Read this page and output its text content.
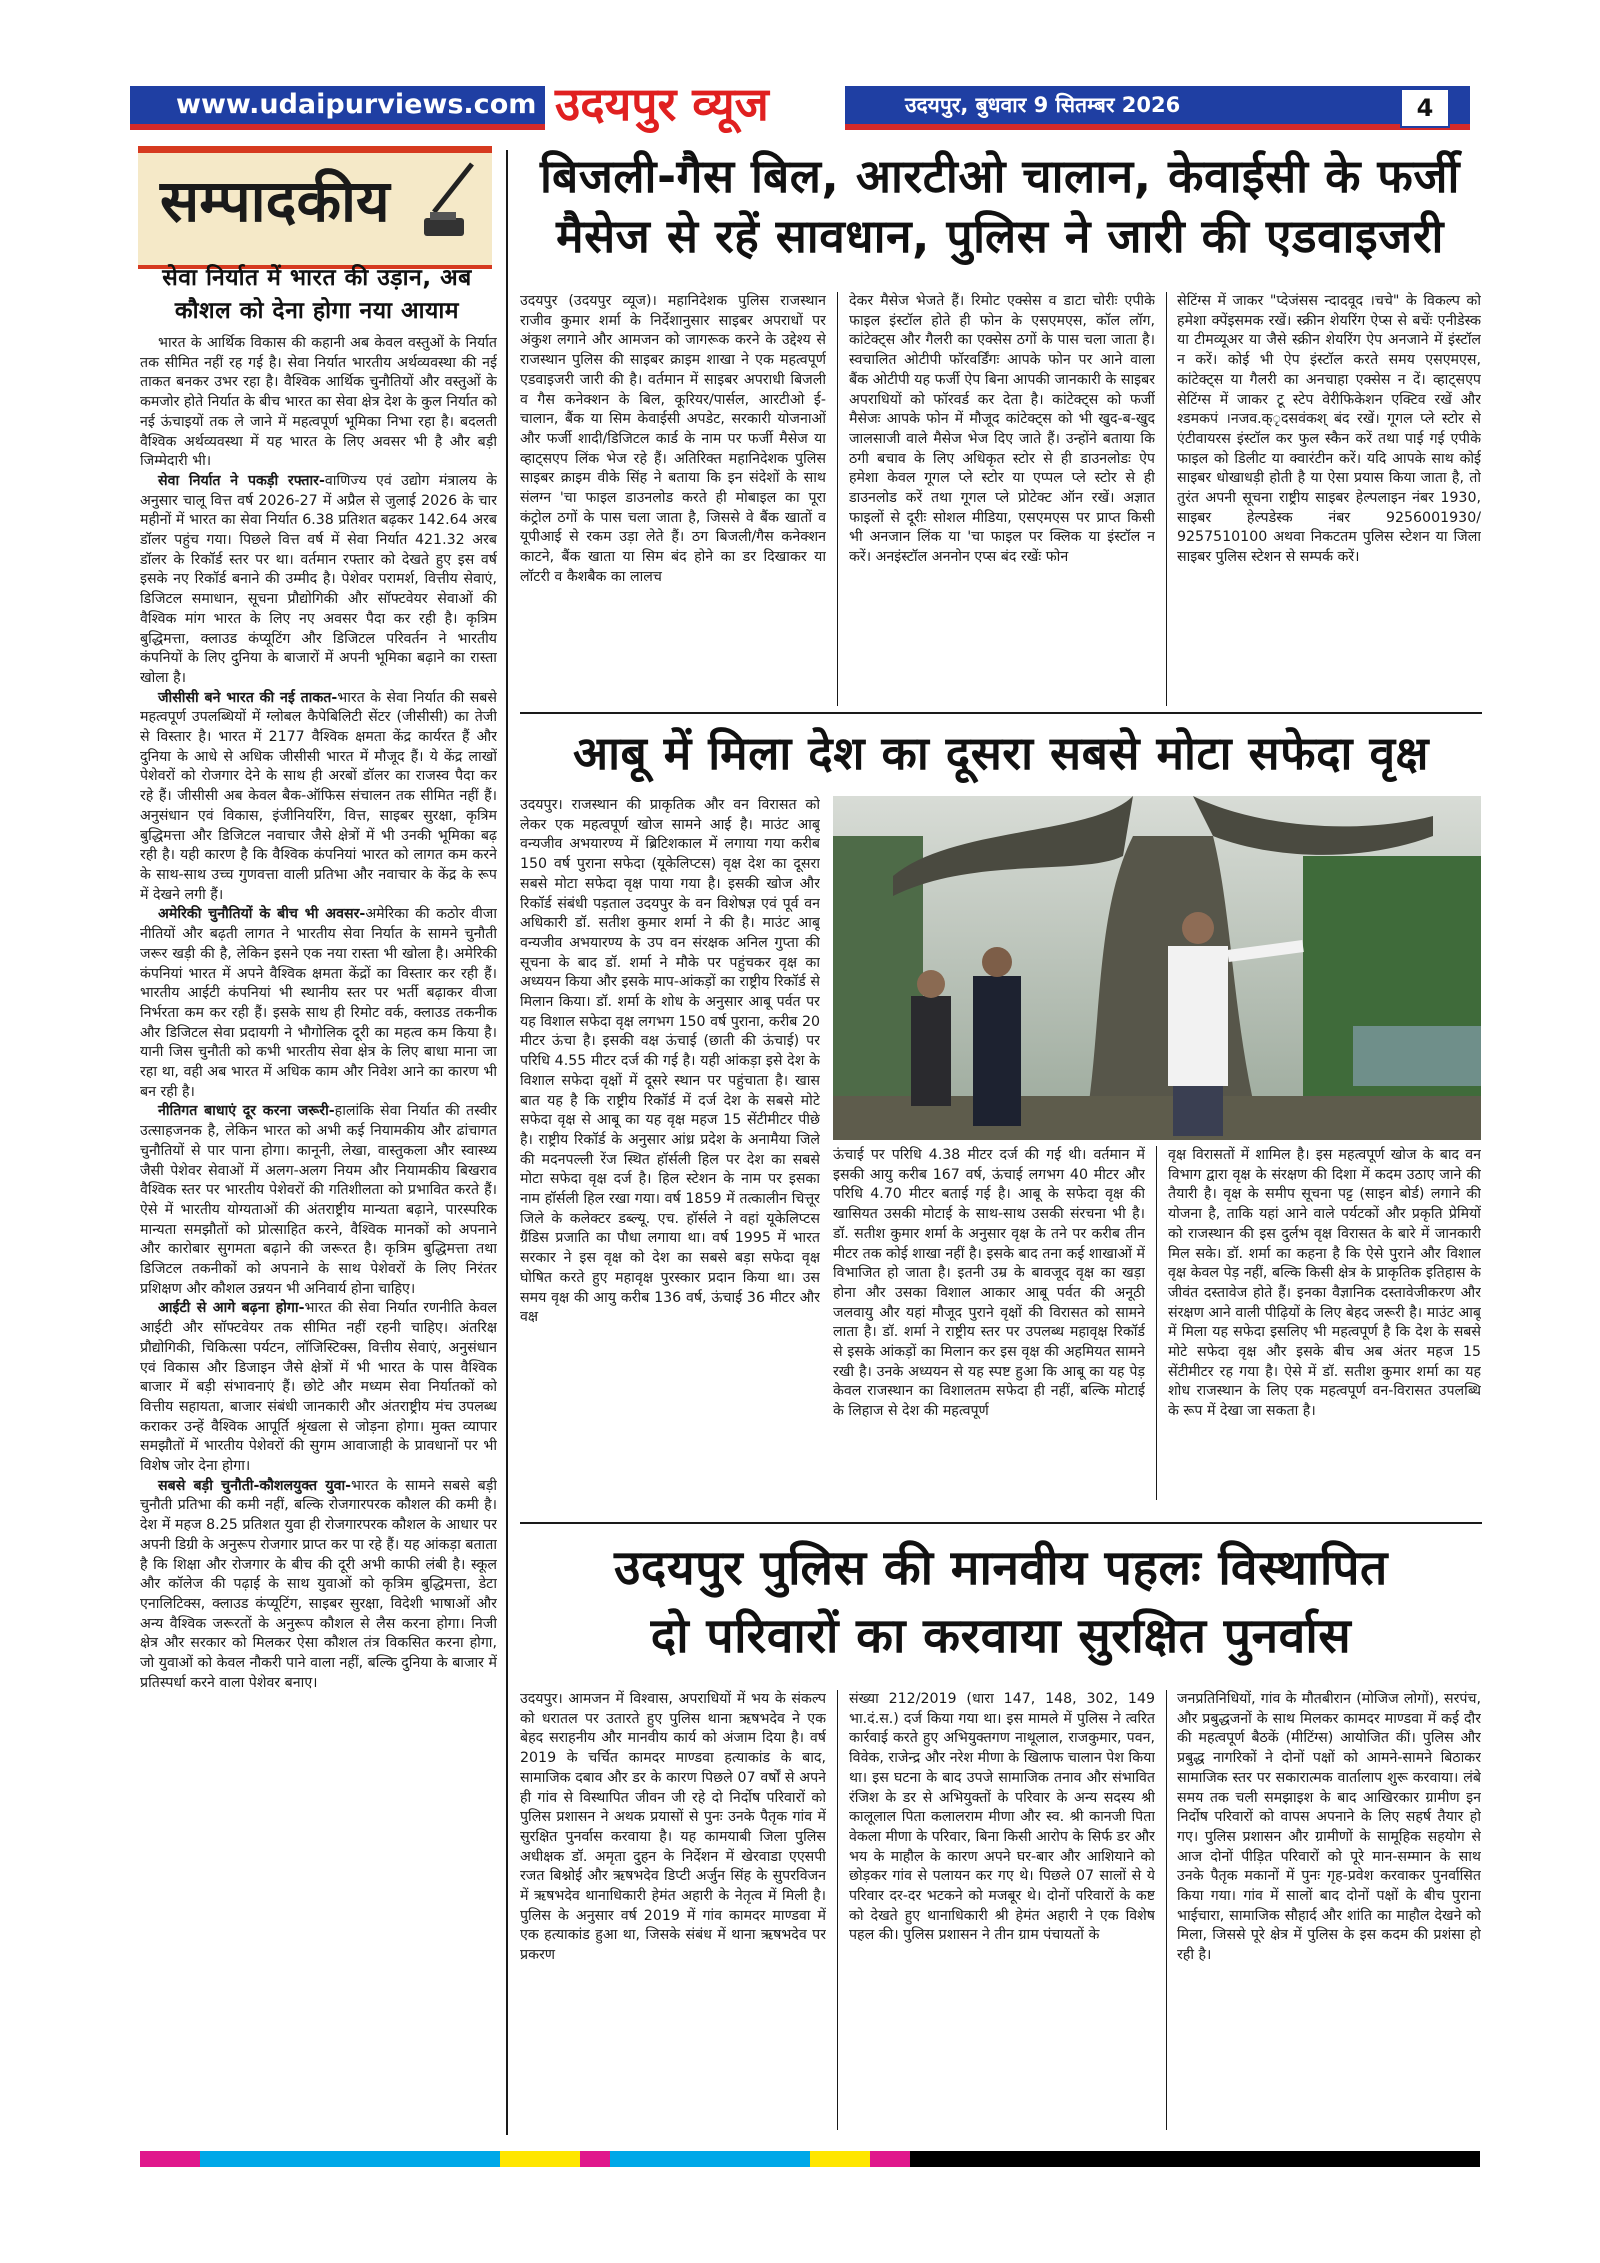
www.udaipurviews.com उदयपुर व्यूज	उदयपुर, बुधवार 9 सितम्बर 2026	4
सम्पादकीय
सेवा निर्यात में भारत की उड़ान, अब कौशल को देना होगा नया आयाम

भारत के आर्थिक विकास की कहानी अब केवल वस्तुओं के निर्यात तक सीमित नहीं रह गई है। सेवा निर्यात भारतीय अर्थव्यवस्था की नई ताकत बनकर उभर रहा है। वैश्विक आर्थिक चुनौतियों और वस्तुओं के कमजोर होते निर्यात के बीच भारत का सेवा क्षेत्र देश के कुल निर्यात को नई ऊंचाइयों तक ले जाने में महत्वपूर्ण भूमिका निभा रहा है। बदलती वैश्विक अर्थव्यवस्था में यह भारत के लिए अवसर भी है और बड़ी जिम्मेदारी भी।

सेवा निर्यात ने पकड़ी रफ्तार-वाणिज्य एवं उद्योग मंत्रालय के अनुसार चालू वित्त वर्ष 2026-27 में अप्रैल से जुलाई 2026 के चार महीनों में भारत का सेवा निर्यात 6.38 प्रतिशत बढ़कर 142.64 अरब डॉलर पहुंच गया। पिछले वित्त वर्ष में सेवा निर्यात 421.32 अरब डॉलर के रिकॉर्ड स्तर पर था। वर्तमान रफ्तार को देखते हुए इस वर्ष इसके नए रिकॉर्ड बनाने की उम्मीद है। पेशेवर परामर्श, वित्तीय सेवाएं, डिजिटल समाधान, सूचना प्रौद्योगिकी और सॉफ्टवेयर सेवाओं की वैश्विक मांग भारत के लिए नए अवसर पैदा कर रही है। कृत्रिम बुद्धिमत्ता, क्लाउड कंप्यूटिंग और डिजिटल परिवर्तन ने भारतीय कंपनियों के लिए दुनिया के बाजारों में अपनी भूमिका बढ़ाने का रास्ता खोला है।

जीसीसी बने भारत की नई ताकत-भारत के सेवा निर्यात की सबसे महत्वपूर्ण उपलब्धियों में ग्लोबल कैपेबिलिटी सेंटर (जीसीसी) का तेजी से विस्तार है। भारत में 2177 वैश्विक क्षमता केंद्र कार्यरत हैं और दुनिया के आधे से अधिक जीसीसी भारत में मौजूद हैं। ये केंद्र लाखों पेशेवरों को रोजगार देने के साथ ही अरबों डॉलर का राजस्व पैदा कर रहे हैं। जीसीसी अब केवल बैक-ऑफिस संचालन तक सीमित नहीं हैं। अनुसंधान एवं विकास, इंजीनियरिंग, वित्त, साइबर सुरक्षा, कृत्रिम बुद्धिमत्ता और डिजिटल नवाचार जैसे क्षेत्रों में भी उनकी भूमिका बढ़ रही है। यही कारण है कि वैश्विक कंपनियां भारत को लागत कम करने के साथ-साथ उच्च गुणवत्ता वाली प्रतिभा और नवाचार के केंद्र के रूप में देखने लगी हैं।

अमेरिकी चुनौतियों के बीच भी अवसर-अमेरिका की कठोर वीजा नीतियों और बढ़ती लागत ने भारतीय सेवा निर्यात के सामने चुनौती जरूर खड़ी की है, लेकिन इसने एक नया रास्ता भी खोला है। अमेरिकी कंपनियां भारत में अपने वैश्विक क्षमता केंद्रों का विस्तार कर रही हैं। भारतीय आईटी कंपनियां भी स्थानीय स्तर पर भर्ती बढ़ाकर वीजा निर्भरता कम कर रही हैं। इसके साथ ही रिमोट वर्क, क्लाउड तकनीक और डिजिटल सेवा प्रदायगी ने भौगोलिक दूरी का महत्व कम किया है। यानी जिस चुनौती को कभी भारतीय सेवा क्षेत्र के लिए बाधा माना जा रहा था, वही अब भारत में अधिक काम और निवेश आने का कारण भी बन रही है।

नीतिगत बाधाएं दूर करना जरूरी-हालांकि सेवा निर्यात की तस्वीर उत्साहजनक है, लेकिन भारत को अभी कई नियामकीय और ढांचागत चुनौतियों से पार पाना होगा। कानूनी, लेखा, वास्तुकला और स्वास्थ्य जैसी पेशेवर सेवाओं में अलग-अलग नियम और नियामकीय बिखराव वैश्विक स्तर पर भारतीय पेशेवरों की गतिशीलता को प्रभावित करते हैं। ऐसे में भारतीय योग्यताओं की अंतराष्ट्रीय मान्यता बढ़ाने, पारस्परिक मान्यता समझौतों को प्रोत्साहित करने, वैश्विक मानकों को अपनाने और कारोबार सुगमता बढ़ाने की जरूरत है। कृत्रिम बुद्धिमत्ता तथा डिजिटल तकनीकों को अपनाने के साथ पेशेवरों के लिए निरंतर प्रशिक्षण और कौशल उन्नयन भी अनिवार्य होना चाहिए।

आईटी से आगे बढ़ना होगा-भारत की सेवा निर्यात रणनीति केवल आईटी और सॉफ्टवेयर तक सीमित नहीं रहनी चाहिए। अंतरिक्ष प्रौद्योगिकी, चिकित्सा पर्यटन, लॉजिस्टिक्स, वित्तीय सेवाएं, अनुसंधान एवं विकास और डिजाइन जैसे क्षेत्रों में भी भारत के पास वैश्विक बाजार में बड़ी संभावनाएं हैं। छोटे और मध्यम सेवा निर्यातकों को वित्तीय सहायता, बाजार संबंधी जानकारी और अंतराष्ट्रीय मंच उपलब्ध कराकर उन्हें वैश्विक आपूर्ति श्रृंखला से जोड़ना होगा। मुक्त व्यापार समझौतों में भारतीय पेशेवरों की सुगम आवाजाही के प्रावधानों पर भी विशेष जोर देना होगा।

सबसे बड़ी चुनौती-कौशलयुक्त युवा-भारत के सामने सबसे बड़ी चुनौती प्रतिभा की कमी नहीं, बल्कि रोजगारपरक कौशल की कमी है। देश में महज 8.25 प्रतिशत युवा ही रोजगारपरक कौशल के आधार पर अपनी डिग्री के अनुरूप रोजगार प्राप्त कर पा रहे हैं। यह आंकड़ा बताता है कि शिक्षा और रोजगार के बीच की दूरी अभी काफी लंबी है। स्कूल और कॉलेज की पढ़ाई के साथ युवाओं को कृत्रिम बुद्धिमत्ता, डेटा एनालिटिक्स, क्लाउड कंप्यूटिंग, साइबर सुरक्षा, विदेशी भाषाओं और अन्य वैश्विक जरूरतों के अनुरूप कौशल से लैस करना होगा। निजी क्षेत्र और सरकार को मिलकर ऐसा कौशल तंत्र विकसित करना होगा, जो युवाओं को केवल नौकरी पाने वाला नहीं, बल्कि दुनिया के बाजार में प्रतिस्पर्धा करने वाला पेशेवर बनाए।

बिजली-गैस बिल, आरटीओ चालान, केवाईसी के फर्जी
मैसेज से रहें सावधान, पुलिस ने जारी की एडवाइजरी
उदयपुर (उदयपुर व्यूज)। महानिदेशक पुलिस राजस्थान राजीव कुमार शर्मा के निर्देशानुसार साइबर अपराधों पर अंकुश लगाने और आमजन को जागरूक करने के उद्देश्य से राजस्थान पुलिस की साइबर क्राइम शाखा ने एक महत्वपूर्ण एडवाइजरी जारी की है। वर्तमान में साइबर अपराधी बिजली व गैस कनेक्शन के बिल, कूरियर/पार्सल, आरटीओ ई-चालान, बैंक या सिम केवाईसी अपडेट, सरकारी योजनाओं और फर्जी शादी/डिजिटल कार्ड के नाम पर फर्जी मैसेज या व्हाट्सएप लिंक भेज रहे हैं। अतिरिक्त महानिदेशक पुलिस साइबर क्राइम वीके सिंह ने बताया कि इन संदेशों के साथ संलग्न 'चा फाइल डाउनलोड करते ही मोबाइल का पूरा कंट्रोल ठगों के पास चला जाता है, जिससे वे बैंक खातों व यूपीआई से रकम उड़ा लेते हैं। ठग बिजली/गैस कनेक्शन काटने, बैंक खाता या सिम बंद होने का डर दिखाकर या लॉटरी व कैशबैक का लालच
देकर मैसेज भेजते हैं। रिमोट एक्सेस व डाटा चोरीः एपीके फाइल इंस्टॉल होते ही फोन के एसएमएस, कॉल लॉग, कांटेक्ट्स और गैलरी का एक्सेस ठगों के पास चला जाता है। स्वचालित ओटीपी फॉरवर्डिंगः आपके फोन पर आने वाला बैंक ओटीपी यह फर्जी ऐप बिना आपकी जानकारी के साइबर अपराधियों को फॉरवर्ड कर देता है। कांटेक्ट्स को फर्जी मैसेजः आपके फोन में मौजूद कांटेक्ट्स को भी खुद-ब-खुद जालसाजी वाले मैसेज भेज दिए जाते हैं। उन्होंने बताया कि ठगी बचाव के लिए अधिकृत स्टोर से ही डाउनलोडः ऐप हमेशा केवल गूगल प्ले स्टोर या एप्पल प्ले स्टोर से ही डाउनलोड करें तथा गूगल प्ले प्रोटेक्ट ऑन रखें। अज्ञात फाइलों से दूरीः सोशल मीडिया, एसएमएस पर प्राप्त किसी भी अनजान लिंक या 'चा फाइल पर क्लिक या इंस्टॉल न करें। अनइंस्टॉल अननोन एप्स बंद रखेंः फोन
सेटिंग्स में जाकर "प्देजंसस न्दादवूद ।चचे" के विकल्प को हमेशा क्पेंइसमक रखें। स्क्रीन शेयरिंग ऐप्स से बचेंः एनीडेस्क या टीमव्यूअर या जैसे स्क्रीन शेयरिंग ऐप अनजाने में इंस्टॉल न करें। कोई भी ऐप इंस्टॉल करते समय एसएमएस, कांटेक्ट्स या गैलरी का अनचाहा एक्सेस न दें। व्हाट्सएप सेटिंग्स में जाकर टू स्टेप वेरीफिकेशन एक्टिव रखें और श्डमकपं ।नजव.क्ृदसवंकश् बंद रखें। गूगल प्ले स्टोर से एंटीवायरस इंस्टॉल कर फुल स्कैन करें तथा पाई गई एपीके फाइल को डिलीट या क्वारंटीन करें। यदि आपके साथ कोई साइबर धोखाधड़ी होती है या ऐसा प्रयास किया जाता है, तो तुरंत अपनी सूचना राष्ट्रीय साइबर हेल्पलाइन नंबर 1930, साइबर हेल्पडेस्क नंबर 9256001930/ 9257510100 अथवा निकटतम पुलिस स्टेशन या जिला साइबर पुलिस स्टेशन से सम्पर्क करें।
आबू में मिला देश का दूसरा सबसे मोटा सफेदा वृक्ष
उदयपुर। राजस्थान की प्राकृतिक और वन विरासत को लेकर एक महत्वपूर्ण खोज सामने आई है। माउंट आबू वन्यजीव अभयारण्य में ब्रिटिशकाल में लगाया गया करीब 150 वर्ष पुराना सफेदा (यूकेलिप्टस) वृक्ष देश का दूसरा सबसे मोटा सफेदा वृक्ष पाया गया है। इसकी खोज और रिकॉर्ड संबंधी पड़ताल उदयपुर के वन विशेषज्ञ एवं पूर्व वन अधिकारी डॉ. सतीश कुमार शर्मा ने की है। माउंट आबू वन्यजीव अभयारण्य के उप वन संरक्षक अनिल गुप्ता की सूचना के बाद डॉ. शर्मा ने मौके पर पहुंचकर वृक्ष का अध्ययन किया और इसके माप-आंकड़ों का राष्ट्रीय रिकॉर्ड से मिलान किया। डॉ. शर्मा के शोध के अनुसार आबू पर्वत पर यह विशाल सफेदा वृक्ष लगभग 150 वर्ष पुराना, करीब 20 मीटर ऊंचा है। इसकी वक्ष ऊंचाई (छाती की ऊंचाई) पर परिधि 4.55 मीटर दर्ज की गई है। यही आंकड़ा इसे देश के विशाल सफेदा वृक्षों में दूसरे स्थान पर पहुंचाता है। खास बात यह है कि राष्ट्रीय रिकॉर्ड में दर्ज देश के सबसे मोटे सफेदा वृक्ष से आबू का यह वृक्ष महज 15 सेंटीमीटर पीछे है। राष्ट्रीय रिकॉर्ड के अनुसार आंध्र प्रदेश के अनामैया जिले की मदनपल्ली रेंज स्थित हॉर्सली हिल पर देश का सबसे मोटा सफेदा वृक्ष दर्ज है। हिल स्टेशन के नाम पर इसका नाम हॉर्सली हिल रखा गया। वर्ष 1859 में तत्कालीन चित्तूर जिले के कलेक्टर डब्ल्यू. एच. हॉर्सले ने वहां यूकेलिप्टस ग्रैंडिस प्रजाति का पौधा लगाया था। वर्ष 1995 में भारत सरकार ने इस वृक्ष को देश का सबसे बड़ा सफेदा वृक्ष घोषित करते हुए महावृक्ष पुरस्कार प्रदान किया था। उस समय वृक्ष की आयु करीब 136 वर्ष, ऊंचाई 36 मीटर और वक्ष
ऊंचाई पर परिधि 4.38 मीटर दर्ज की गई थी। वर्तमान में इसकी आयु करीब 167 वर्ष, ऊंचाई लगभग 40 मीटर और परिधि 4.70 मीटर बताई गई है। आबू के सफेदा वृक्ष की खासियत उसकी मोटाई के साथ-साथ उसकी संरचना भी है। डॉ. सतीश कुमार शर्मा के अनुसार वृक्ष के तने पर करीब तीन मीटर तक कोई शाखा नहीं है। इसके बाद तना कई शाखाओं में विभाजित हो जाता है। इतनी उम्र के बावजूद वृक्ष का खड़ा होना और उसका विशाल आकार आबू पर्वत की अनूठी जलवायु और यहां मौजूद पुराने वृक्षों की विरासत को सामने लाता है। डॉ. शर्मा ने राष्ट्रीय स्तर पर उपलब्ध महावृक्ष रिकॉर्ड से इसके आंकड़ों का मिलान कर इस वृक्ष की अहमियत सामने रखी है। उनके अध्ययन से यह स्पष्ट हुआ कि आबू का यह पेड़ केवल राजस्थान का विशालतम सफेदा ही नहीं, बल्कि मोटाई के लिहाज से देश की महत्वपूर्ण
वृक्ष विरासतों में शामिल है। इस महत्वपूर्ण खोज के बाद वन विभाग द्वारा वृक्ष के संरक्षण की दिशा में कदम उठाए जाने की तैयारी है। वृक्ष के समीप सूचना पट्ट (साइन बोर्ड) लगाने की योजना है, ताकि यहां आने वाले पर्यटकों और प्रकृति प्रेमियों को राजस्थान की इस दुर्लभ वृक्ष विरासत के बारे में जानकारी मिल सके। डॉ. शर्मा का कहना है कि ऐसे पुराने और विशाल वृक्ष केवल पेड़ नहीं, बल्कि किसी क्षेत्र के प्राकृतिक इतिहास के जीवंत दस्तावेज होते हैं। इनका वैज्ञानिक दस्तावेजीकरण और संरक्षण आने वाली पीढ़ियों के लिए बेहद जरूरी है। माउंट आबू में मिला यह सफेदा इसलिए भी महत्वपूर्ण है कि देश के सबसे मोटे सफेदा वृक्ष और इसके बीच अब अंतर महज 15 सेंटीमीटर रह गया है। ऐसे में डॉ. सतीश कुमार शर्मा का यह शोध राजस्थान के लिए एक महत्वपूर्ण वन-विरासत उपलब्धि के रूप में देखा जा सकता है।
उदयपुर पुलिस की मानवीय पहलः विस्थापित
दो परिवारों का करवाया सुरक्षित पुनर्वास
उदयपुर। आमजन में विश्वास, अपराधियों में भय के संकल्प को धरातल पर उतारते हुए पुलिस थाना ऋषभदेव ने एक बेहद सराहनीय और मानवीय कार्य को अंजाम दिया है। वर्ष 2019 के चर्चित कामदर माण्डवा हत्याकांड के बाद, सामाजिक दबाव और डर के कारण पिछले 07 वर्षों से अपने ही गांव से विस्थापित जीवन जी रहे दो निर्दोष परिवारों को पुलिस प्रशासन ने अथक प्रयासों से पुनः उनके पैतृक गांव में सुरक्षित पुनर्वास करवाया है। यह कामयाबी जिला पुलिस अधीक्षक डॉ. अमृता दुहन के निर्देशन में खेरवाडा एएसपी रजत बिश्नोई और ऋषभदेव डिप्टी अर्जुन सिंह के सुपरविजन में ऋषभदेव थानाधिकारी हेमंत अहारी के नेतृत्व में मिली है। पुलिस के अनुसार वर्ष 2019 में गांव कामदर माण्डवा में एक हत्याकांड हुआ था, जिसके संबंध में थाना ऋषभदेव पर प्रकरण
संख्या 212/2019 (धारा 147, 148, 302, 149 भा.दं.स.) दर्ज किया गया था। इस मामले में पुलिस ने त्वरित कार्रवाई करते हुए अभियुक्तगण नाथूलाल, राजकुमार, पवन, विवेक, राजेन्द्र और नरेश मीणा के खिलाफ चालान पेश किया था। इस घटना के बाद उपजे सामाजिक तनाव और संभावित रंजिश के डर से अभियुक्तों के परिवार के अन्य सदस्य श्री कालूलाल पिता कलालराम मीणा और स्व. श्री कानजी पिता वेकला मीणा के परिवार, बिना किसी आरोप के सिर्फ डर और भय के माहौल के कारण अपने घर-बार और आशियाने को छोड़कर गांव से पलायन कर गए थे। पिछले 07 सालों से ये परिवार दर-दर भटकने को मजबूर थे। दोनों परिवारों के कष्ट को देखते हुए थानाधिकारी श्री हेमंत अहारी ने एक विशेष पहल की। पुलिस प्रशासन ने तीन ग्राम पंचायतों के
जनप्रतिनिधियों, गांव के मौतबीरान (मोजिज लोगों), सरपंच, और प्रबुद्धजनों के साथ मिलकर कामदर माण्डवा में कई दौर की महत्वपूर्ण बैठकें (मीटिंग्स) आयोजित कीं। पुलिस और प्रबुद्ध नागरिकों ने दोनों पक्षों को आमने-सामने बिठाकर सामाजिक स्तर पर सकारात्मक वार्तालाप शुरू करवाया। लंबे समय तक चली समझाइश के बाद आखिरकार ग्रामीण इन निर्दोष परिवारों को वापस अपनाने के लिए सहर्ष तैयार हो गए। पुलिस प्रशासन और ग्रामीणों के सामूहिक सहयोग से आज दोनों पीड़ित परिवारों को पूरे मान-सम्मान के साथ उनके पैतृक मकानों में पुनः गृह-प्रवेश करवाकर पुनर्वासित किया गया। गांव में सालों बाद दोनों पक्षों के बीच पुराना भाईचारा, सामाजिक सौहार्द और शांति का माहौल देखने को मिला, जिससे पूरे क्षेत्र में पुलिस के इस कदम की प्रशंसा हो रही है।
